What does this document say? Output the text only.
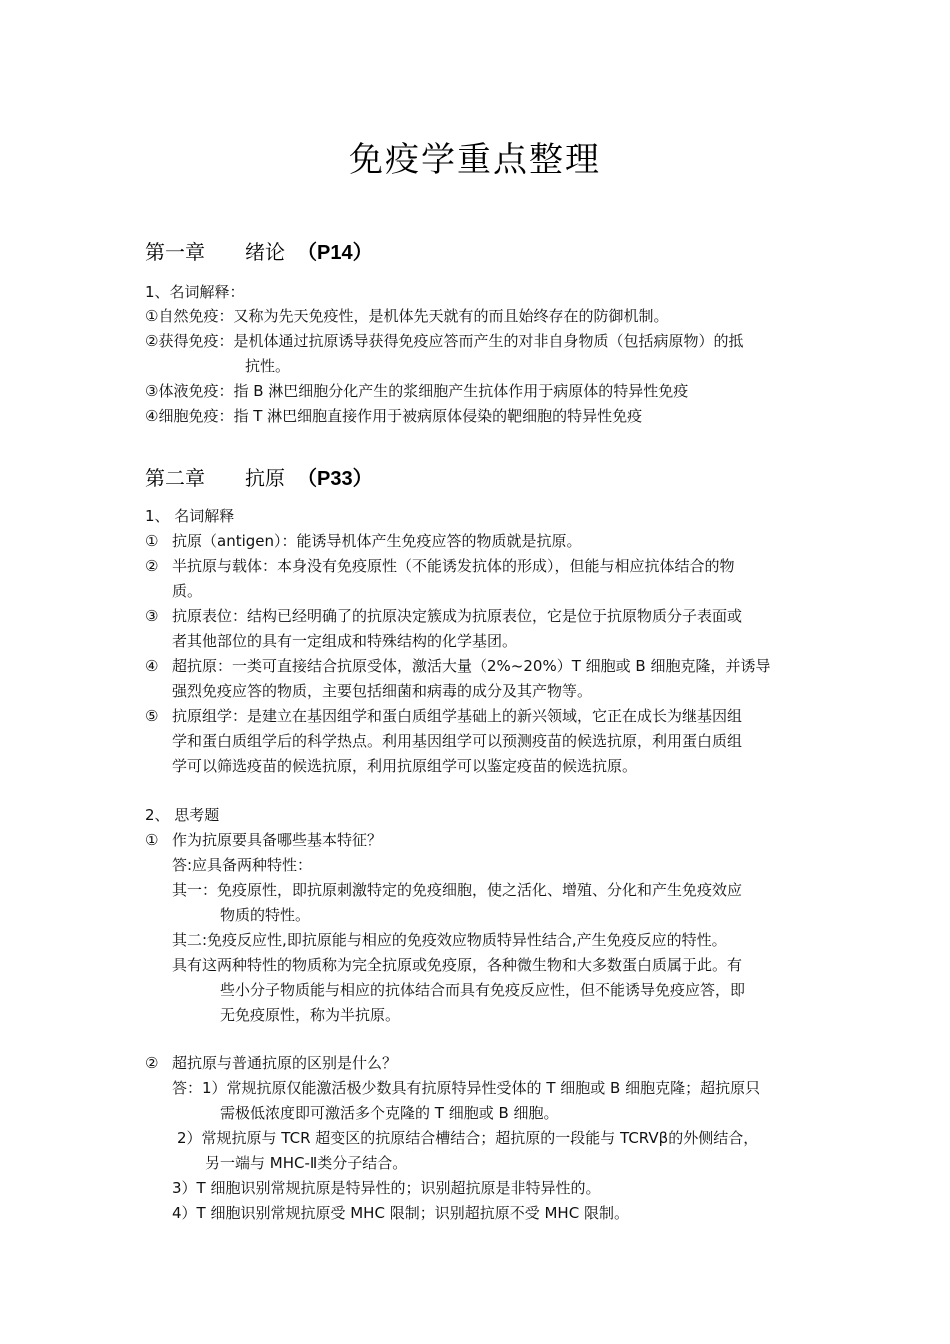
免疫学重点整理
第一章 绪论 （P14）
1、名词解释：
①自然免疫：又称为先天免疫性，是机体先天就有的而且始终存在的防御机制。
②获得免疫：是机体通过抗原诱导获得免疫应答而产生的对非自身物质（包括病原物）的抵
抗性。
③体液免疫：指 B 淋巴细胞分化产生的浆细胞产生抗体作用于病原体的特异性免疫
④细胞免疫：指 T 淋巴细胞直接作用于被病原体侵染的靶细胞的特异性免疫
第二章 抗原 （P33）
1、 名词解释
① 抗原（antigen）：能诱导机体产生免疫应答的物质就是抗原。
② 半抗原与载体：本身没有免疫原性（不能诱发抗体的形成），但能与相应抗体结合的物
质。
③ 抗原表位：结构已经明确了的抗原决定簇成为抗原表位，它是位于抗原物质分子表面或
者其他部位的具有一定组成和特殊结构的化学基团。
④ 超抗原：一类可直接结合抗原受体，激活大量（2%~20%）T 细胞或 B 细胞克隆，并诱导
强烈免疫应答的物质，主要包括细菌和病毒的成分及其产物等。
⑤ 抗原组学：是建立在基因组学和蛋白质组学基础上的新兴领域，它正在成长为继基因组
学和蛋白质组学后的科学热点。利用基因组学可以预测疫苗的候选抗原，利用蛋白质组
学可以筛选疫苗的候选抗原，利用抗原组学可以鉴定疫苗的候选抗原。
2、 思考题
① 作为抗原要具备哪些基本特征？
答:应具备两种特性：
其一：免疫原性，即抗原刺激特定的免疫细胞，使之活化、增殖、分化和产生免疫效应
物质的特性。
其二:免疫反应性,即抗原能与相应的免疫效应物质特异性结合,产生免疫反应的特性。
具有这两种特性的物质称为完全抗原或免疫原，各种微生物和大多数蛋白质属于此。有
些小分子物质能与相应的抗体结合而具有免疫反应性，但不能诱导免疫应答，即
无免疫原性，称为半抗原。
② 超抗原与普通抗原的区别是什么？
答：1）常规抗原仅能激活极少数具有抗原特异性受体的 T 细胞或 B 细胞克隆；超抗原只
需极低浓度即可激活多个克隆的 T 细胞或 B 细胞。
2）常规抗原与 TCR 超变区的抗原结合槽结合；超抗原的一段能与 TCRVβ的外侧结合，
另一端与 MHC-Ⅱ类分子结合。
3）T 细胞识别常规抗原是特异性的；识别超抗原是非特异性的。
4）T 细胞识别常规抗原受 MHC 限制；识别超抗原不受 MHC 限制。
